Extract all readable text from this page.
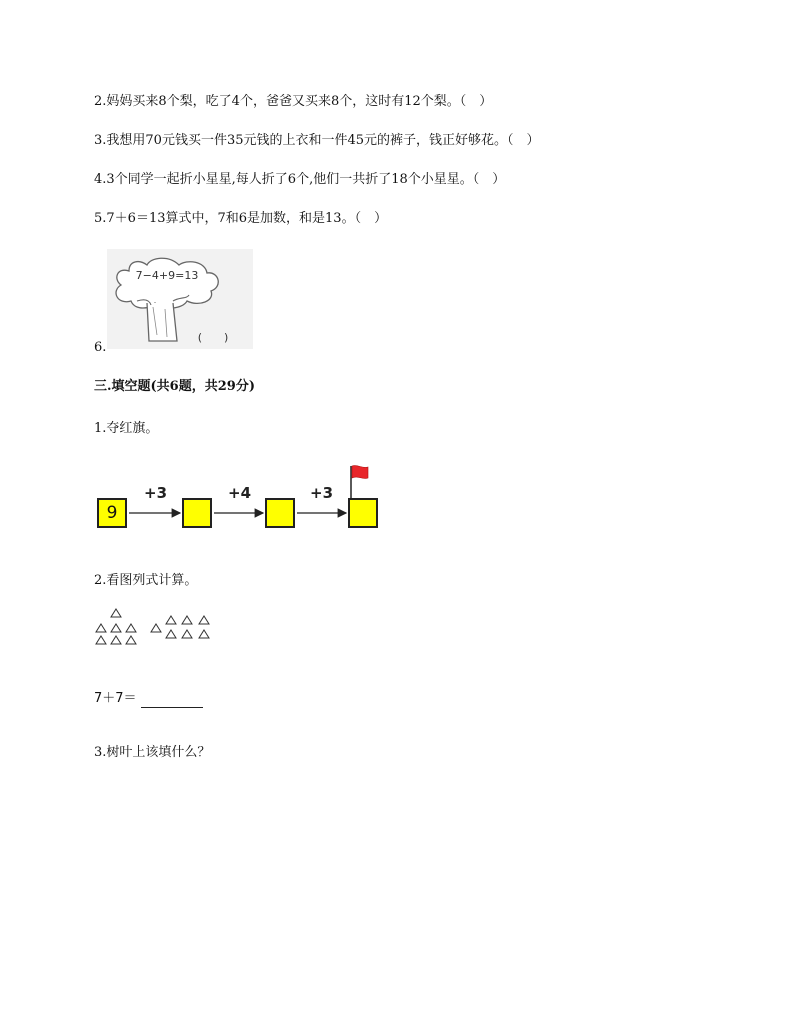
2.妈妈买来8个梨，吃了4个，爸爸又买来8个，这时有12个梨。（　）
3.我想用70元钱买一件35元钱的上衣和一件45元的裤子，钱正好够花。（　）
4.3个同学一起折小星星,每人折了6个,他们一共折了18个小星星。（　）
5.7＋6＝13算式中，7和6是加数，和是13。（　）
7−4+9=13
(　　)
6.
三.填空题(共6题，共29分)
1.夺红旗。
9
+3	+4	+3
2.看图列式计算。
7＋7＝
3.树叶上该填什么？
